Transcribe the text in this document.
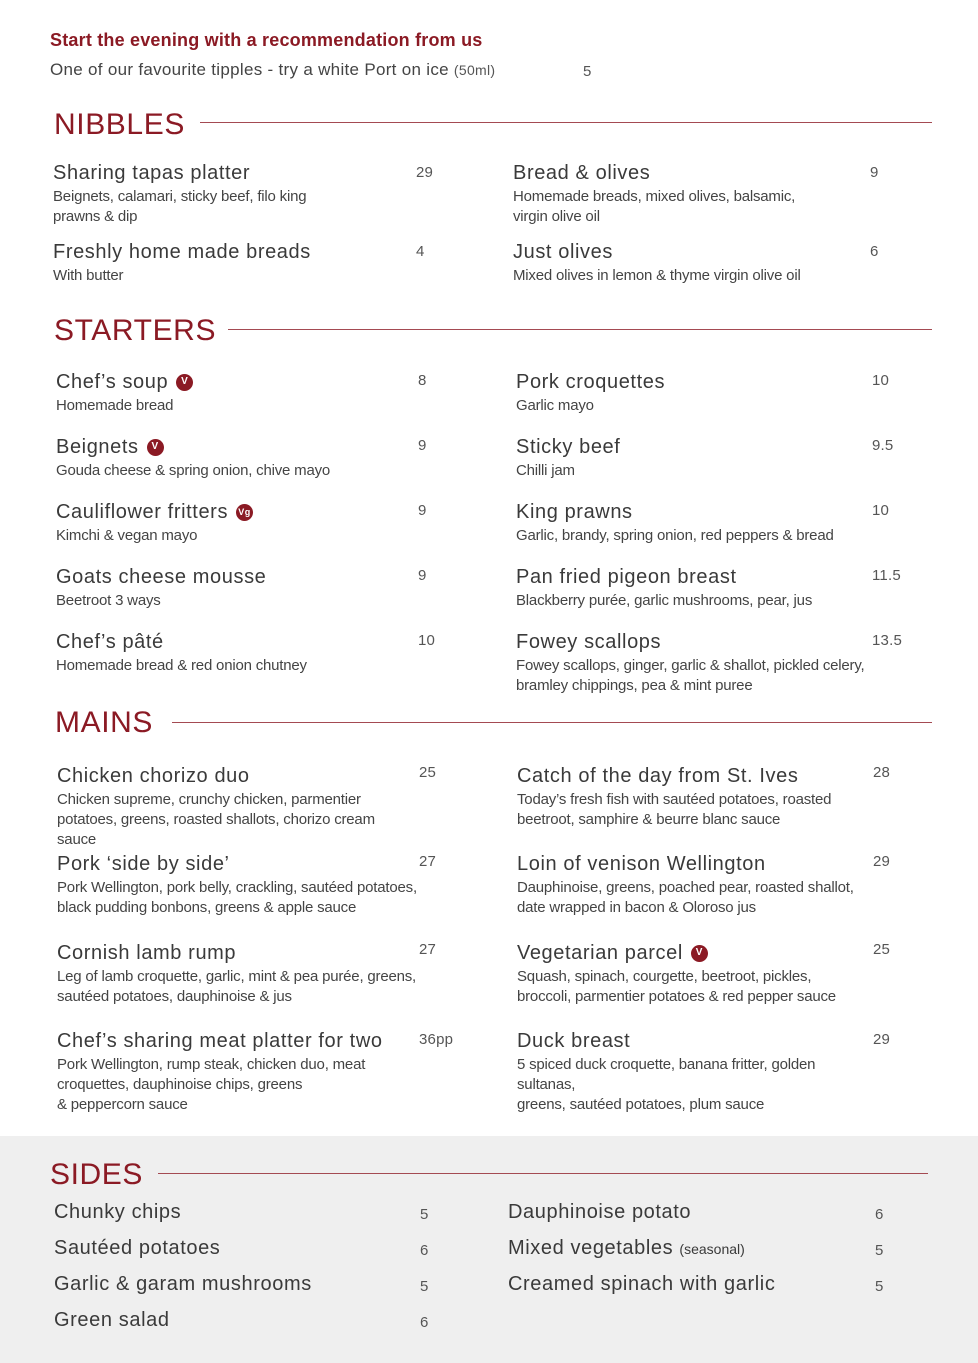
Start the evening with a recommendation from us
One of our favourite tipples - try a white Port on ice (50ml)	5
NIBBLES
Sharing tapas platter
Beignets, calamari, sticky beef, filo king
prawns & dip
29
Freshly home made breads
With butter
4
Bread & olives
Homemade breads, mixed olives, balsamic,
virgin olive oil
9
Just olives
Mixed olives in lemon & thyme virgin olive oil
6
STARTERS
Chef’s soup	V
Homemade bread
8
Beignets	V
Gouda cheese & spring onion, chive mayo
9
Cauliflower fritters Vg
Kimchi & vegan mayo
9
Goats cheese mousse
Beetroot 3 ways
9
Chef’s pâté
Homemade bread & red onion chutney
10
Pork croquettes
Garlic mayo
10
Sticky beef
Chilli jam
9.5
King prawns
Garlic, brandy, spring onion, red peppers & bread
10
Pan fried pigeon breast
Blackberry purée, garlic mushrooms, pear, jus
11.5
Fowey scallops
Fowey scallops, ginger, garlic & shallot, pickled celery,
bramley chippings, pea & mint puree
13.5
MAINS
Chicken chorizo duo
Chicken supreme, crunchy chicken, parmentier
potatoes, greens, roasted shallots, chorizo cream sauce
25
Pork ‘side by side’
Pork Wellington, pork belly, crackling, sautéed potatoes,
black pudding bonbons, greens & apple sauce
27
Cornish lamb rump
Leg of lamb croquette, garlic, mint & pea purée, greens,
sautéed potatoes, dauphinoise & jus
27
Chef’s sharing meat platter for two
Pork Wellington, rump steak, chicken duo, meat
croquettes, dauphinoise chips, greens
& peppercorn sauce
36pp
Catch of the day from St. Ives
Today’s fresh fish with sautéed potatoes, roasted
beetroot, samphire & beurre blanc sauce
28
Loin of venison Wellington
Dauphinoise, greens, poached pear, roasted shallot,
date wrapped in bacon & Oloroso jus
29
Vegetarian parcel	V
Squash, spinach, courgette, beetroot, pickles,
broccoli, parmentier potatoes & red pepper sauce
25
Duck breast
5 spiced duck croquette, banana fritter, golden sultanas,
greens, sautéed potatoes, plum sauce
29
SIDES
Chunky chips	5
Sautéed potatoes	6
Garlic & garam mushrooms	5
Green salad	6
Dauphinoise potato	6
Mixed vegetables (seasonal)	5
Creamed spinach with garlic	5
